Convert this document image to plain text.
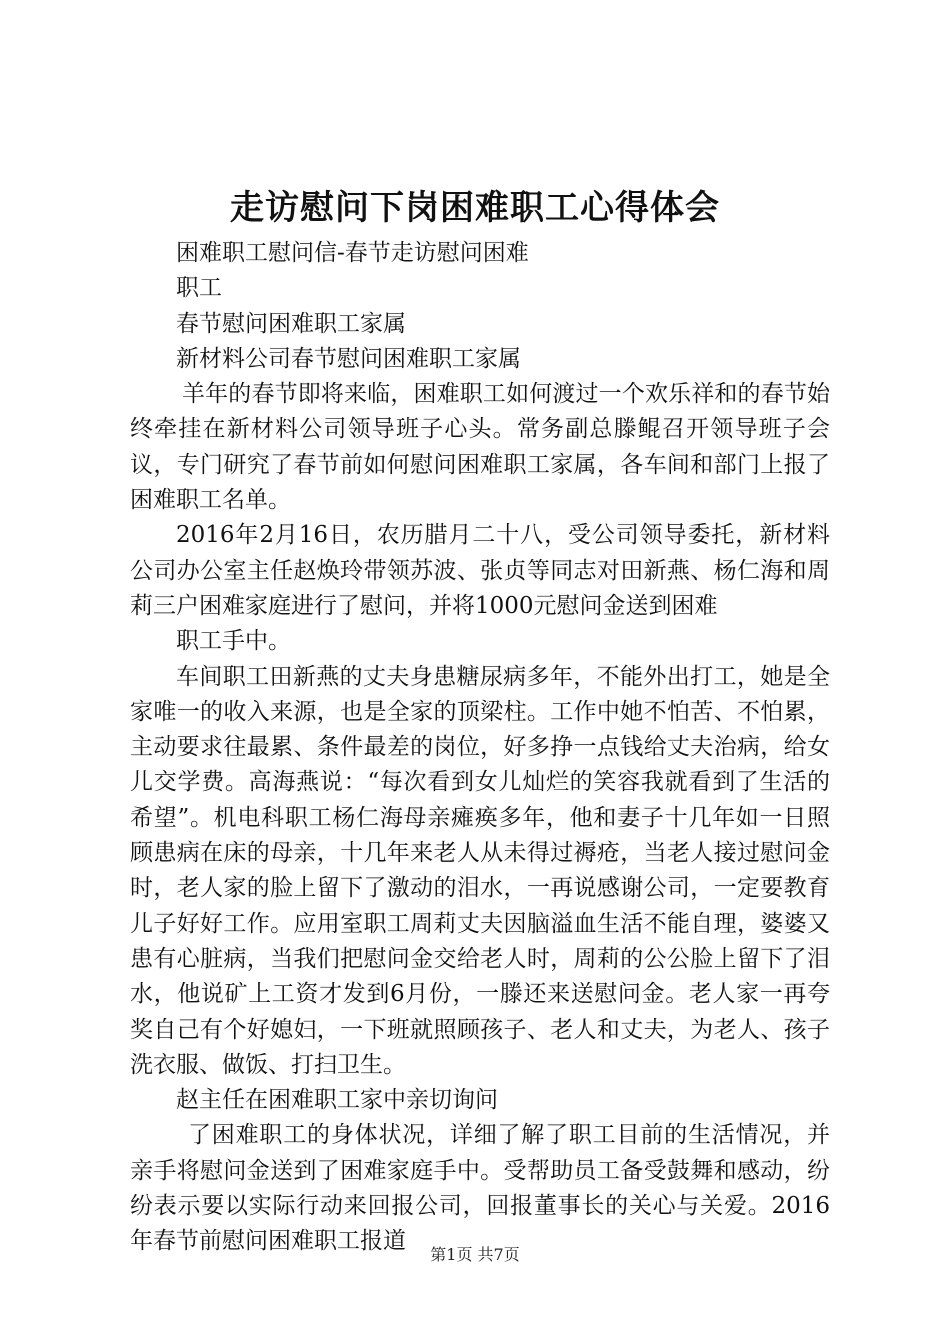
走访慰问下岗困难职工心得体会

困难职工慰问信-春节走访慰问困难

职工

春节慰问困难职工家属

新材料公司春节慰问困难职工家属

羊年的春节即将来临，困难职工如何渡过一个欢乐祥和的春节始终牵挂在新材料公司领导班子心头。常务副总滕鲲召开领导班子会议，专门研究了春节前如何慰问困难职工家属，各车间和部门上报了困难职工名单。

2016年2月16日，农历腊月二十八，受公司领导委托，新材料公司办公室主任赵焕玲带领苏波、张贞等同志对田新燕、杨仁海和周莉三户困难家庭进行了慰问，并将1000元慰问金送到困难

职工手中。

车间职工田新燕的丈夫身患糖尿病多年，不能外出打工，她是全家唯一的收入来源，也是全家的顶梁柱。工作中她不怕苦、不怕累，主动要求往最累、条件最差的岗位，好多挣一点钱给丈夫治病，给女儿交学费。高海燕说：“每次看到女儿灿烂的笑容我就看到了生活的希望”。机电科职工杨仁海母亲瘫痪多年，他和妻子十几年如一日照顾患病在床的母亲，十几年来老人从未得过褥疮，当老人接过慰问金时，老人家的脸上留下了激动的泪水，一再说感谢公司，一定要教育儿子好好工作。应用室职工周莉丈夫因脑溢血生活不能自理，婆婆又患有心脏病，当我们把慰问金交给老人时，周莉的公公脸上留下了泪水，他说矿上工资才发到6月份，一滕还来送慰问金。老人家一再夸奖自己有个好媳妇，一下班就照顾孩子、老人和丈夫，为老人、孩子洗衣服、做饭、打扫卫生。

赵主任在困难职工家中亲切询问

了困难职工的身体状况，详细了解了职工目前的生活情况，并亲手将慰问金送到了困难家庭手中。受帮助员工备受鼓舞和感动，纷纷表示要以实际行动来回报公司，回报董事长的关心与关爱。2016年春节前慰问困难职工报道

第1页 共7页
